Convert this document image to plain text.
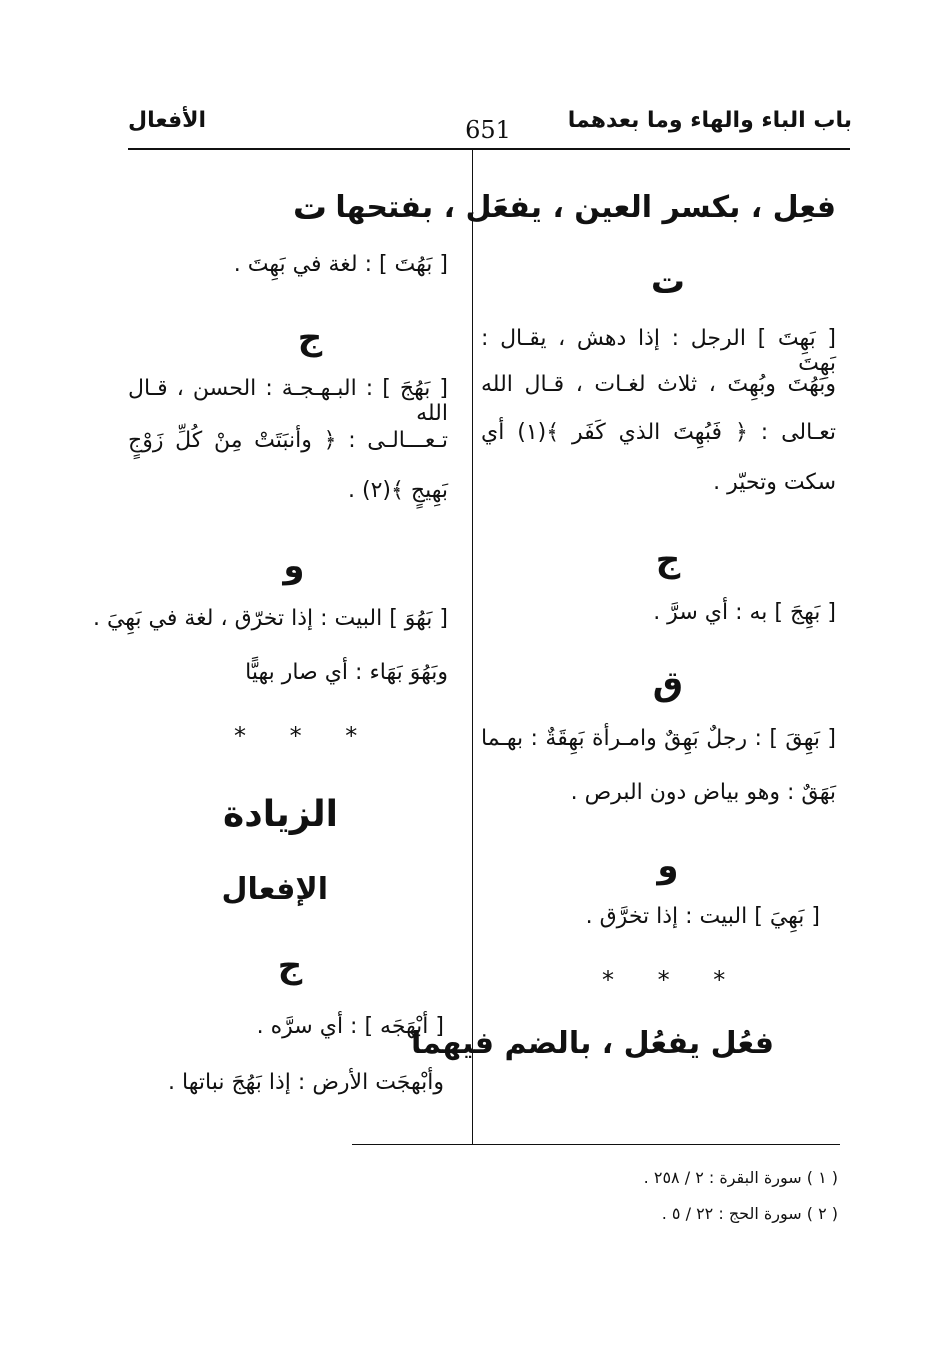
باب الباء والهاء وما بعدهما
651
الأفعال
فعِل ، بكسر العين ، يفعَل ، بفتحها
ت
[ بَهِتَ ] الرجل : إذا دهش ، يقـال : بَهِتَ
وبَهُتَ وبُهِتَ ، ثلاث لغـات ، قـال الله
تعـالى : ﴿ فَبُهِتَ الذي كَفَر ﴾(١) أي
سكت وتحيّر .
ج
[ بَهِجَ ] به : أي سرَّ .
ق
[ بَهِقَ ] : رجلٌ بَهِقٌ وامـرأة بَهِقَةٌ : بهـما
بَهَقٌ : وهو بياض دون البرص .
و
[ بَهِيَ ] البيت : إذا تخرَّق .
* * *
فعُل يفعُل ، بالضم فيهما
ت
[ بَهُتَ ] : لغة في بَهِتَ .
ج
[ بَهُجَ ] : البـهـجـة : الحسن ، قـال الله
تـعـــالـى : ﴿ وأنبَتَتْ مِنْ كُلِّ زَوْجٍ
بَهِيجٍ ﴾(٢) .
و
[ بَهُوَ ] البيت : إذا تخرّق ، لغة في بَهِيَ .
وبَهُوَ بَهَاء : أي صار بهيًّا
* * *
الزيادة
الإفعال
ج
[ أبْهَجَه ] : أي سرَّه .
وأبْهجَت الأرض : إذا بَهُجَ نباتها .
( ١ ) سورة البقرة : ٢ / ٢٥٨ .
( ٢ ) سورة الحج : ٢٢ / ٥ .
